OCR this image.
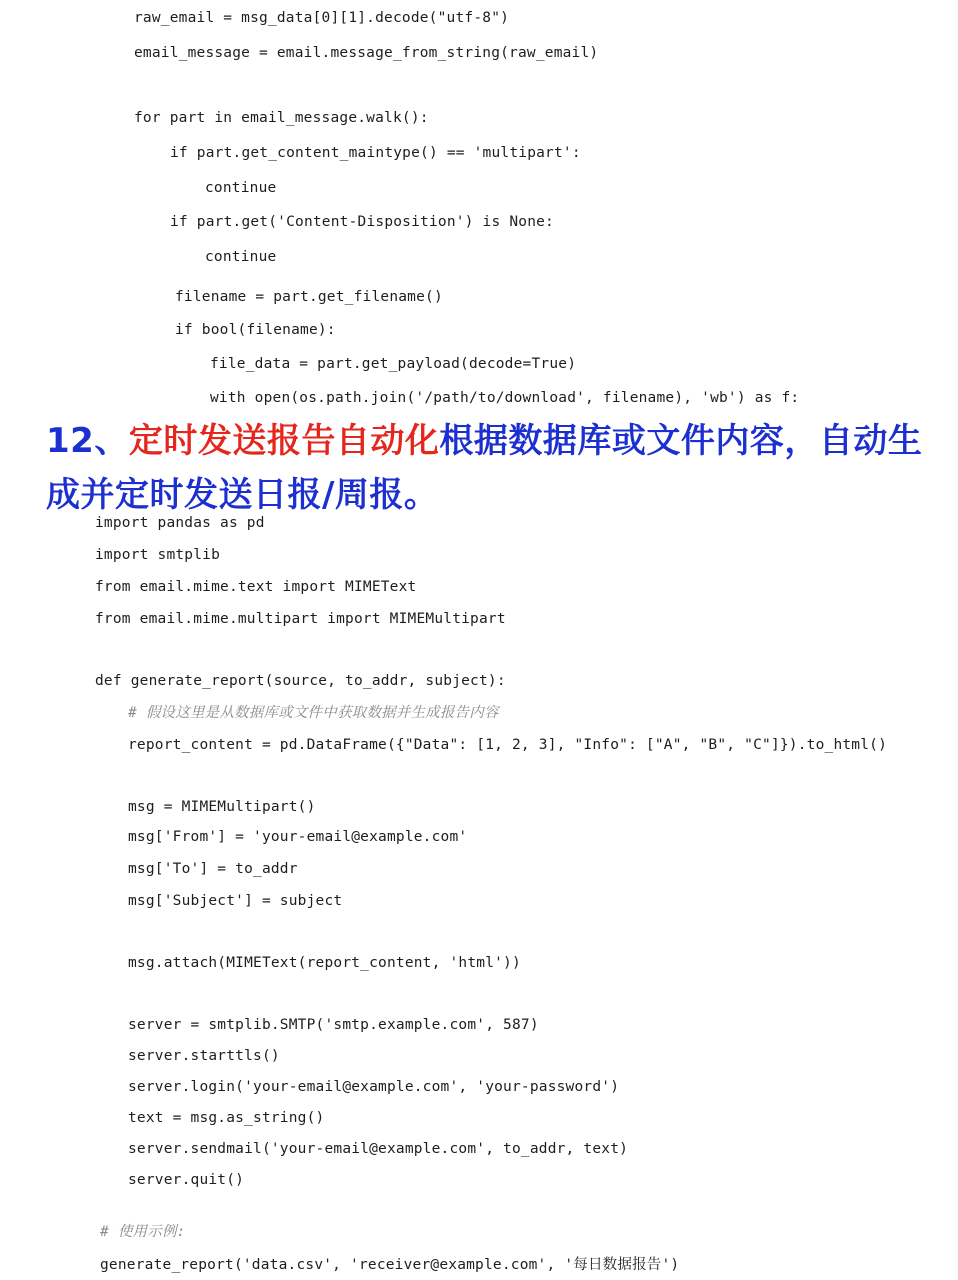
raw_email = msg_data[0][1].decode("utf-8")
email_message = email.message_from_string(raw_email)
for part in email_message.walk():
if part.get_content_maintype() == 'multipart':
continue
if part.get('Content-Disposition') is None:
continue
filename = part.get_filename()
if bool(filename):
file_data = part.get_payload(decode=True)
with open(os.path.join('/path/to/download', filename), 'wb') as f:
12、定时发送报告自动化根据数据库或文件内容，自动生成并定时发送日报/周报。
import pandas as pd
import smtplib
from email.mime.text import MIMEText
from email.mime.multipart import MIMEMultipart
def generate_report(source, to_addr, subject):
# 假设这里是从数据库或文件中获取数据并生成报告内容
report_content = pd.DataFrame({"Data": [1, 2, 3], "Info": ["A", "B", "C"]}).to_html()
msg = MIMEMultipart()
msg['From'] = 'your-email@example.com'
msg['To'] = to_addr
msg['Subject'] = subject
msg.attach(MIMEText(report_content, 'html'))
server = smtplib.SMTP('smtp.example.com', 587)
server.starttls()
server.login('your-email@example.com', 'your-password')
text = msg.as_string()
server.sendmail('your-email@example.com', to_addr, text)
server.quit()
# 使用示例:
generate_report('data.csv', 'receiver@example.com', '每日数据报告')
